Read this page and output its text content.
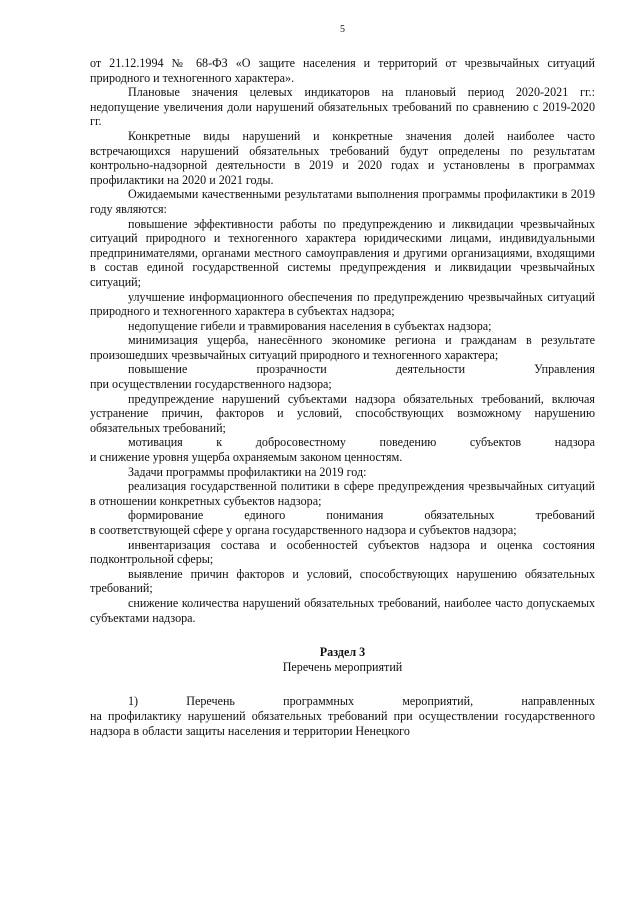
5

от 21.12.1994 № 68-ФЗ «О защите населения и территорий от чрезвычайных ситуаций природного и техногенного характера».

Плановые значения целевых индикаторов на плановый период 2020-2021 гг.: недопущение увеличения доли нарушений обязательных требований по сравнению с 2019-2020 гг.

Конкретные виды нарушений и конкретные значения долей наиболее часто встречающихся нарушений обязательных требований будут определены по результатам контрольно-надзорной деятельности в 2019 и 2020 годах и установлены в программах профилактики на 2020 и 2021 годы.

Ожидаемыми качественными результатами выполнения программы профилактики в 2019 году являются:

повышение эффективности работы по предупреждению и ликвидации чрезвычайных ситуаций природного и техногенного характера юридическими лицами, индивидуальными предпринимателями, органами местного самоуправления и другими организациями, входящими в состав единой государственной системы предупреждения и ликвидации чрезвычайных ситуаций;

улучшение информационного обеспечения по предупреждению чрезвычайных ситуаций природного и техногенного характера в субъектах надзора;

недопущение гибели и травмирования населения в субъектах надзора;

минимизация ущерба, нанесённого экономике региона и гражданам в результате произошедших чрезвычайных ситуаций природного и техногенного характера;

повышение прозрачности деятельности Управления

при осуществлении государственного надзора;

предупреждение нарушений субъектами надзора обязательных требований, включая устранение причин, факторов и условий, способствующих возможному нарушению обязательных требований;

мотивация к добросовестному поведению субъектов надзора

и снижение уровня ущерба охраняемым законом ценностям.

Задачи программы профилактики на 2019 год:

реализация государственной политики в сфере предупреждения чрезвычайных ситуаций в отношении конкретных субъектов надзора;

формирование единого понимания обязательных требований

в соответствующей сфере у органа государственного надзора и субъектов надзора;

инвентаризация состава и особенностей субъектов надзора и оценка состояния подконтрольной сферы;

выявление причин факторов и условий, способствующих нарушению обязательных требований;

снижение количества нарушений обязательных требований, наиболее часто допускаемых субъектами надзора.

Раздел 3

Перечень мероприятий

1) Перечень программных мероприятий, направленных

на профилактику нарушений обязательных требований при осуществлении государственного надзора в области защиты населения и территории Ненецкого
